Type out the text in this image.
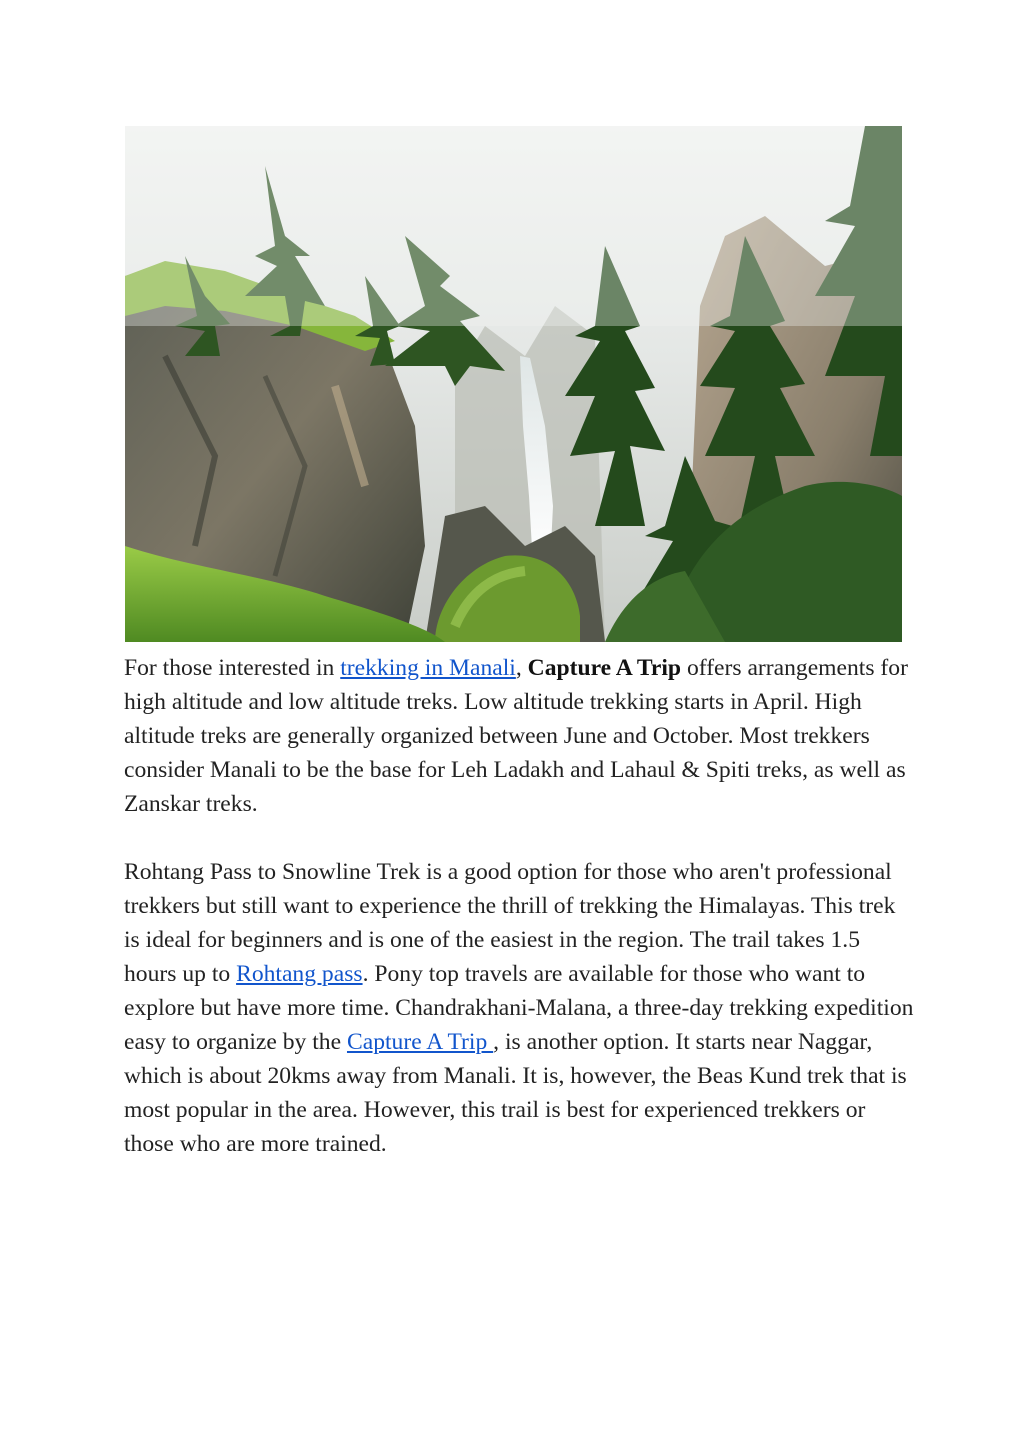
For those interested in trekking in Manali, Capture A Trip offers arrangements for high altitude and low altitude treks. Low altitude trekking starts in April. High altitude treks are generally organized between June and October. Most trekkers consider Manali to be the base for Leh Ladakh and Lahaul & Spiti treks, as well as Zanskar treks.

Rohtang Pass to Snowline Trek is a good option for those who aren't professional trekkers but still want to experience the thrill of trekking the Himalayas. This trek is ideal for beginners and is one of the easiest in the region. The trail takes 1.5 hours up to Rohtang pass. Pony top travels are available for those who want to explore but have more time. Chandrakhani-Malana, a three-day trekking expedition easy to organize by the Capture A Trip , is another option. It starts near Naggar, which is about 20kms away from Manali. It is, however, the Beas Kund trek that is most popular in the area. However, this trail is best for experienced trekkers or those who are more trained.
